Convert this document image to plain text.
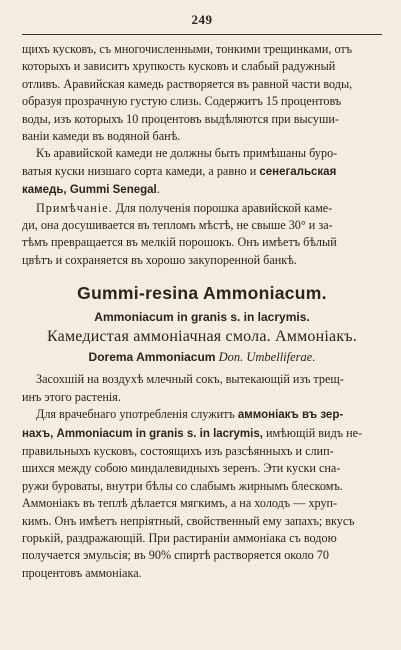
249

щихъ кусковъ, съ многочисленными, тонкими трещинками, отъ
которыхъ и зависитъ хрупкость кусковъ и слабый радужный
отливъ. Аравийская камедь растворяется въ равной части воды,
образуя прозрачную густую слизь. Содержитъ 15 процентовъ
воды, изъ которыхъ 10 процентовъ выдѣляются при высуши-
ваніи камеди въ водяной банѣ.

Къ аравийской камеди не должны быть примѣшаны буро-
ватыя куски низшаго сорта камеди, а равно и сенегальская
камедь, Gummi Senegal.

Примѣчаніе. Для полученія порошка аравийской каме-
ди, она досушивается въ тепломъ мѣстѣ, не свыше 30° и за-
тѣмъ превращается въ мелкій порошокъ. Онъ имѣетъ бѣлый
цвѣтъ и сохраняется въ хорошо закупоренной банкѣ.

Gummi-resina Ammoniacum.
Ammoniacum in granis s. in lacrymis.
Камедистая аммоніачная смола. Аммоніакъ.
Dorema Ammoniacum Don. Umbelliferae.

Засохшій на воздухѣ млечный сокъ, вытекающій изъ трещ-
инъ этого растенія.

Для врачебнаго употребленія служитъ аммоніакъ въ зер-
нахъ, Ammoniacum in granis s. in lacrymis, имѣющій видъ не-
правильныхъ кусковъ, состоящихъ изъ разсѣянныхъ и слип-
шихся между собою миндалевидныхъ зеренъ. Эти куски сна-
ружи буроваты, внутри бѣлы со слабымъ жирнымъ блескомъ.
Аммоніакъ въ теплѣ дѣлается мягкимъ, а на холодъ — хруп-
кимъ. Онъ имѣетъ непріятный, свойственный ему запахъ; вкусъ
горькій, раздражающій. При растираніи аммоніака съ водою
получается эмульсія; въ 90% спиртѣ растворяется около 70
процентовъ аммоніака.
